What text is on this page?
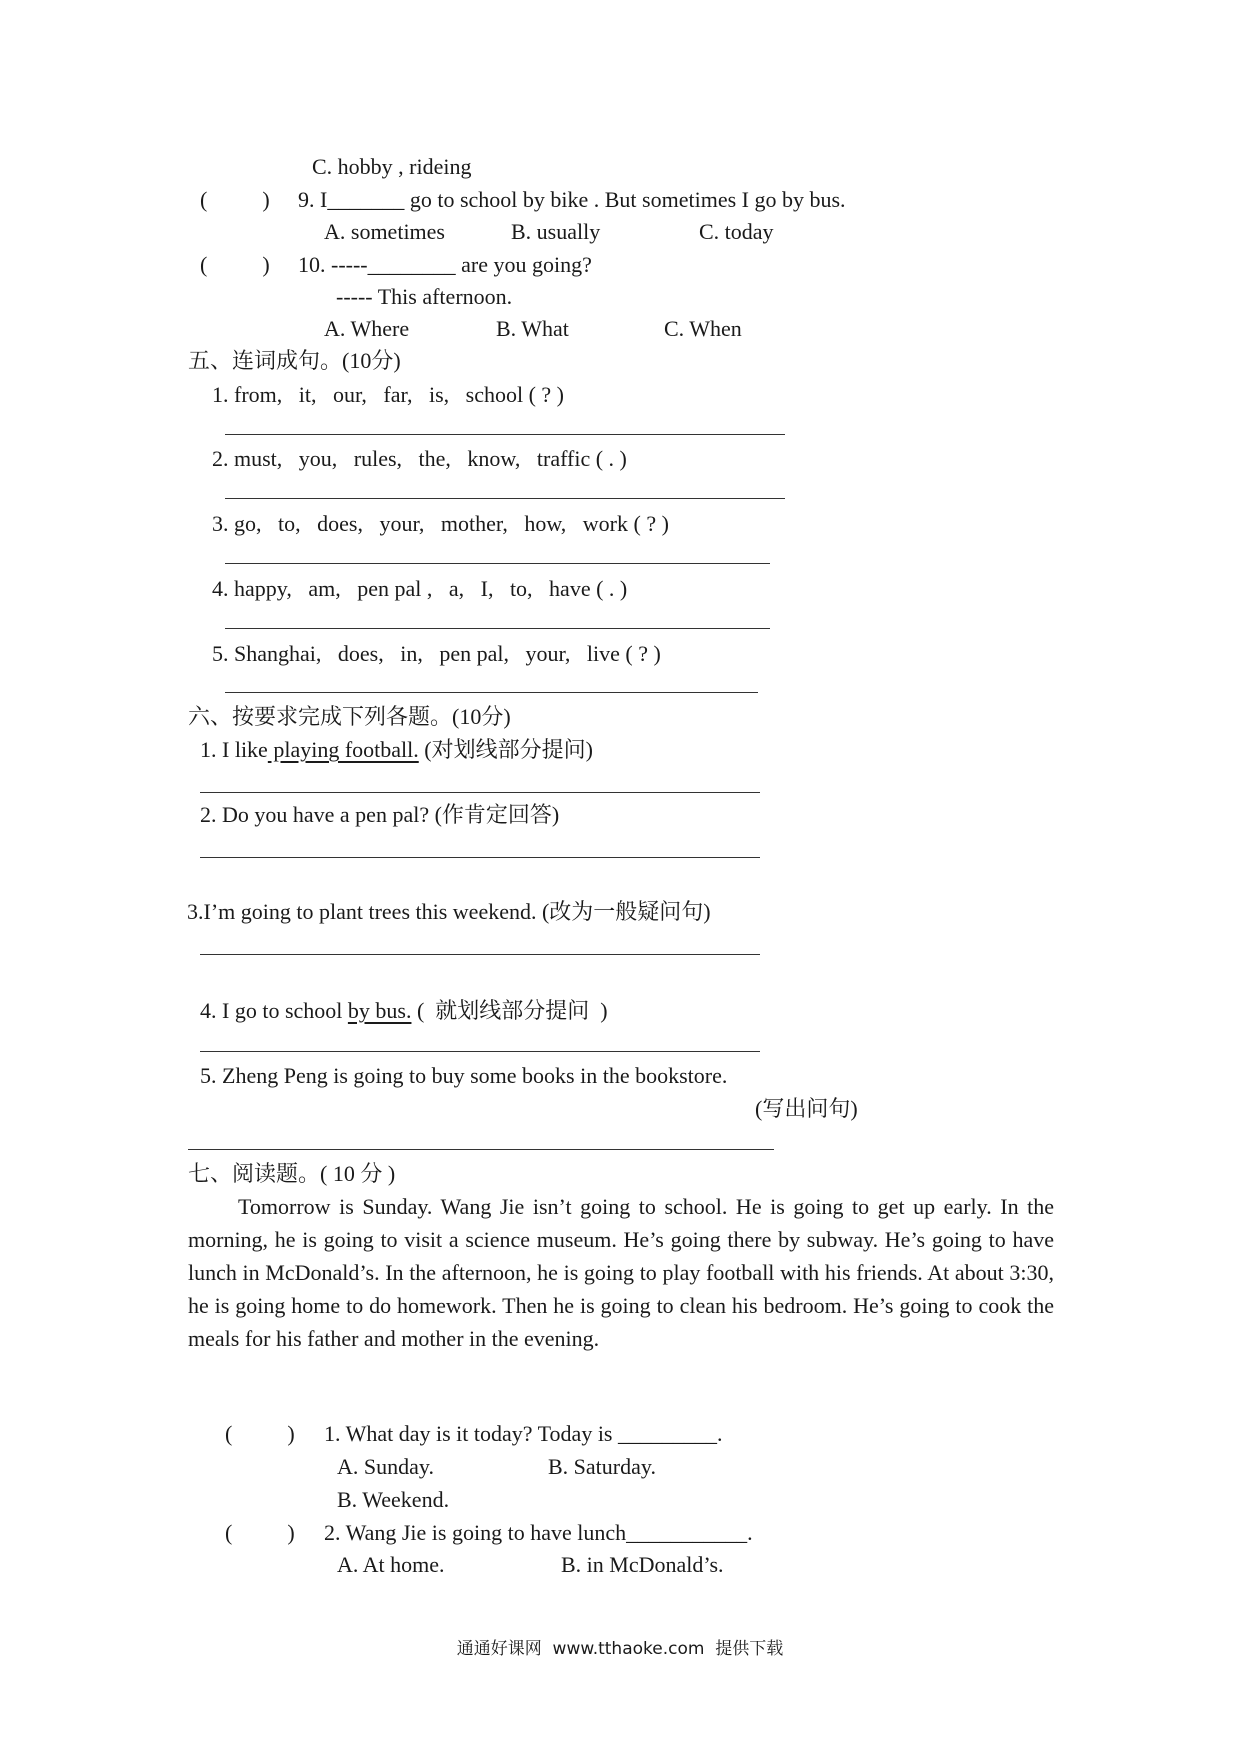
C. hobby , rideing
(          ) 9. I_______ go to school by bike . But sometimes I go by bus.
A. sometimes	B. usually	C. today
(          ) 10. -----________ are you going?
----- This afternoon.
A. Where	B. What	C. When
五、连词成句。(10分)
1. from,   it,   our,   far,   is,   school ( ? )
2. must,   you,   rules,   the,   know,   traffic ( . )
3. go,   to,   does,   your,   mother,   how,   work ( ? )
4. happy,   am,   pen pal ,   a,   I,   to,   have ( . )
5. Shanghai,   does,   in,   pen pal,   your,   live ( ? )
六、按要求完成下列各题。(10分)
1. I like playing football. (对划线部分提问)
2. Do you have a pen pal? (作肯定回答)
3.I’m going to plant trees this weekend. (改为一般疑问句)
4. I go to school by bus. (  就划线部分提问  )
5. Zheng Peng is going to buy some books in the bookstore.
(写出问句)
七、阅读题。( 10 分 )

Tomorrow is Sunday. Wang Jie isn’t going to school. He is going to get up early. In the morning, he is going to visit a science museum. He’s going there by subway. He’s going to have lunch in McDonald’s. In the afternoon, he is going to play football with his friends. At about 3:30, he is going home to do homework. Then he is going to clean his bedroom. He’s going to cook the meals for his father and mother in the evening.

(          ) 1. What day is it today? Today is _________.
A. Sunday.	B. Saturday.
B. Weekend.
(          ) 2. Wang Jie is going to have lunch___________.
A. At home.	B. in McDonald’s.
通通好课网  www.tthaoke.com  提供下载
